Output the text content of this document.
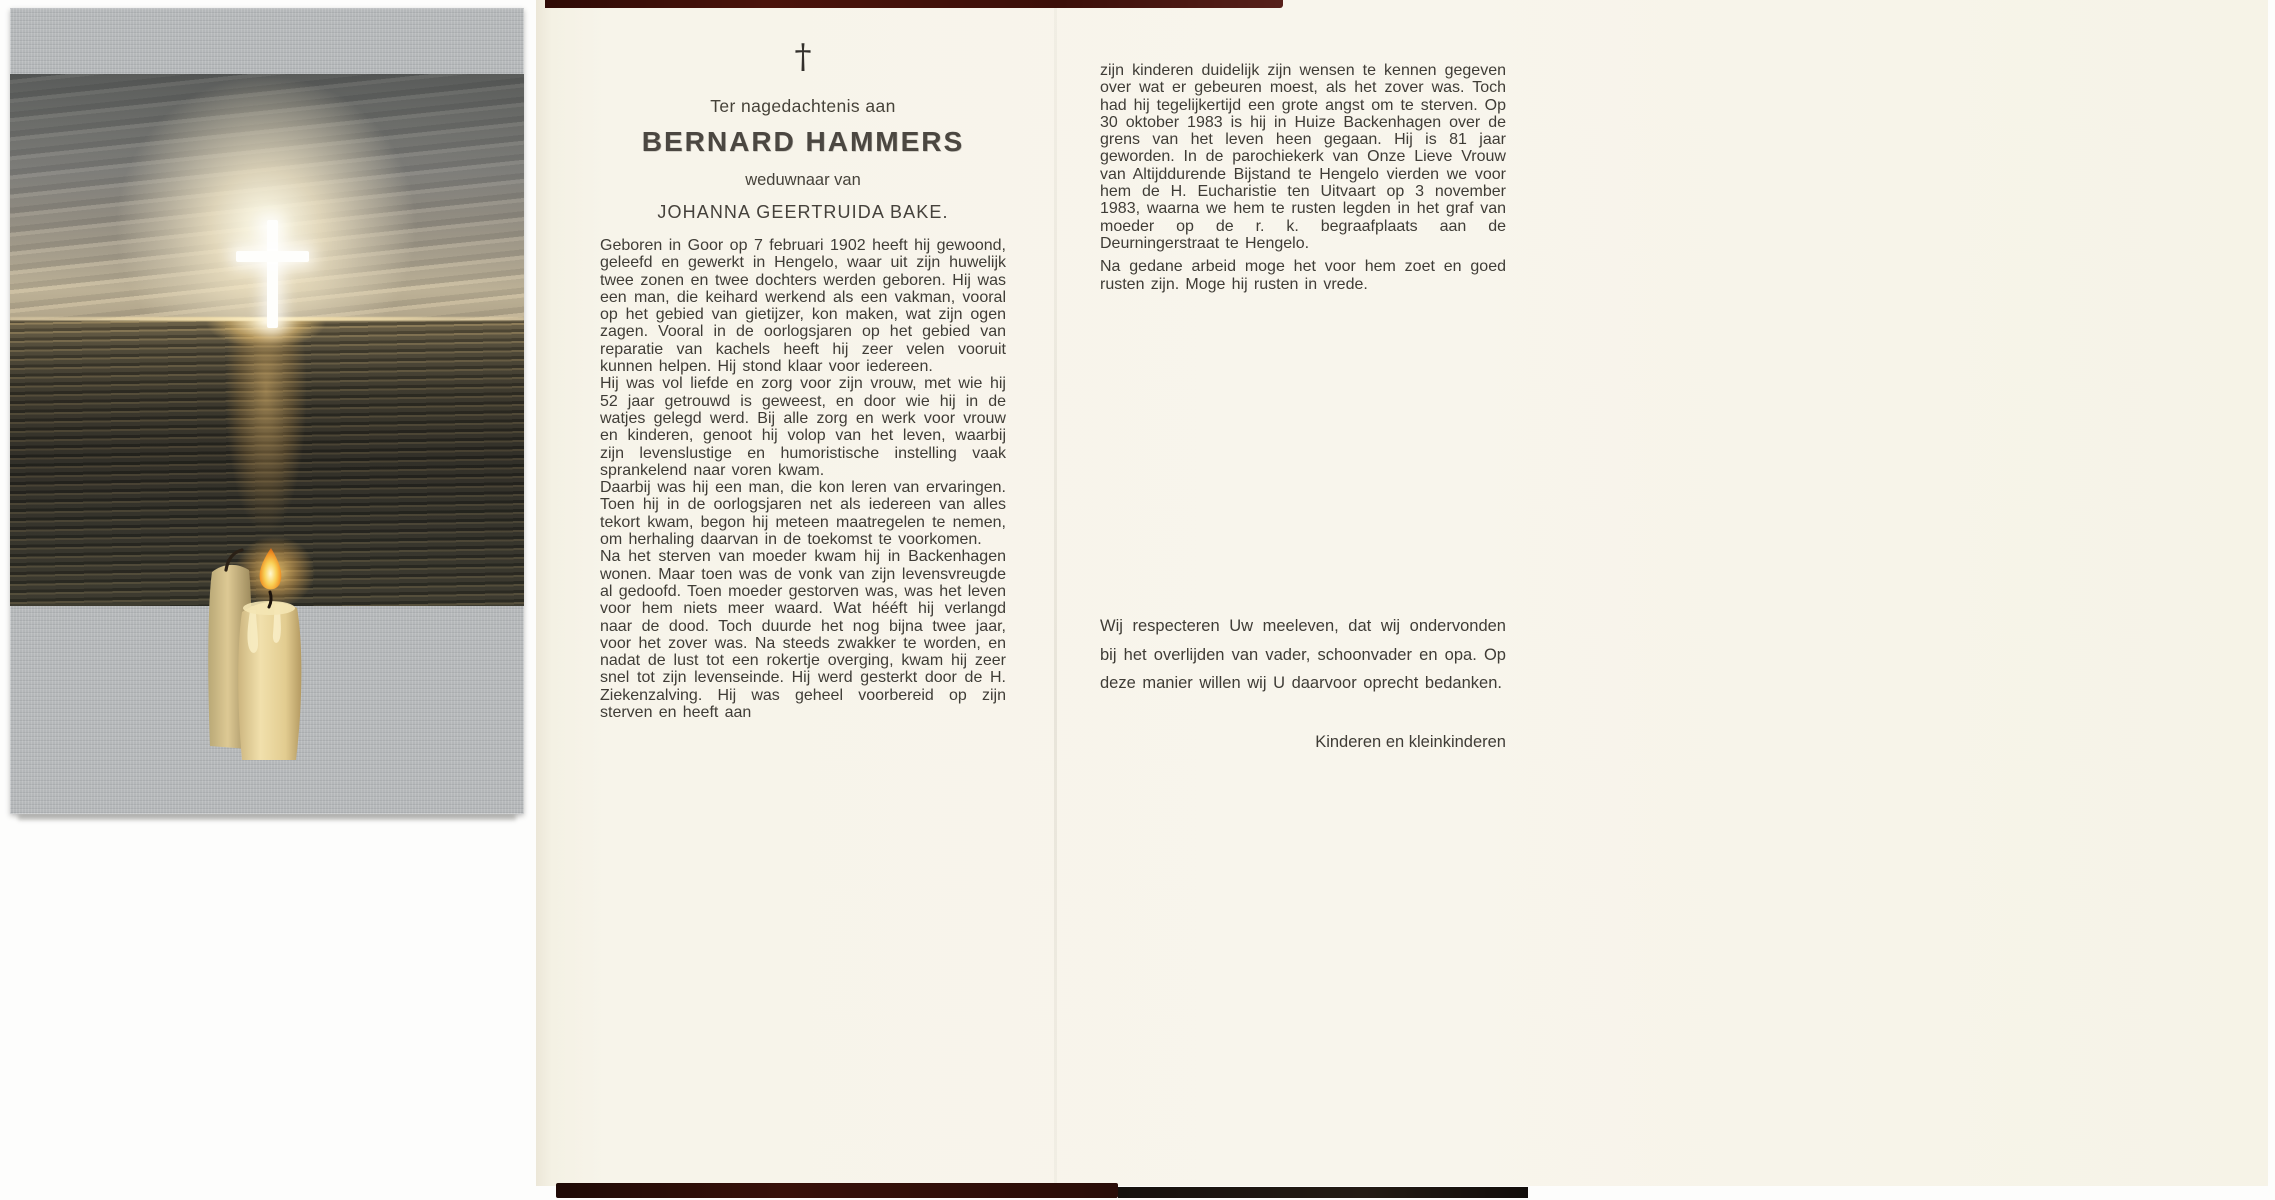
†
Ter nagedachtenis aan
BERNARD HAMMERS
weduwnaar van
JOHANNA GEERTRUIDA BAKE.

Geboren in Goor op 7 februari 1902 heeft hij gewoond, geleefd en gewerkt in Hengelo, waar uit zijn huwelijk twee zonen en twee dochters werden geboren. Hij was een man, die keihard werkend als een vakman, vooral op het gebied van gietijzer, kon maken, wat zijn ogen zagen. Vooral in de oorlogsjaren op het gebied van reparatie van kachels heeft hij zeer velen vooruit kunnen helpen. Hij stond klaar voor iedereen.

Hij was vol liefde en zorg voor zijn vrouw, met wie hij 52 jaar getrouwd is geweest, en door wie hij in de watjes gelegd werd. Bij alle zorg en werk voor vrouw en kinderen, genoot hij volop van het leven, waarbij zijn levenslustige en humoristische instelling vaak sprankelend naar voren kwam.

Daarbij was hij een man, die kon leren van ervaringen. Toen hij in de oorlogsjaren net als iedereen van alles tekort kwam, begon hij meteen maatregelen te nemen, om herhaling daarvan in de toekomst te voorkomen.

Na het sterven van moeder kwam hij in Backenhagen wonen. Maar toen was de vonk van zijn levensvreugde al gedoofd. Toen moeder gestorven was, was het leven voor hem niets meer waard. Wat hééft hij verlangd naar de dood. Toch duurde het nog bijna twee jaar, voor het zover was. Na steeds zwakker te worden, en nadat de lust tot een rokertje overging, kwam hij zeer snel tot zijn levenseinde. Hij werd gesterkt door de H. Ziekenzalving. Hij was geheel voorbereid op zijn sterven en heeft aan

zijn kinderen duidelijk zijn wensen te kennen gegeven over wat er gebeuren moest, als het zover was. Toch had hij tegelijkertijd een grote angst om te sterven. Op 30 oktober 1983 is hij in Huize Backenhagen over de grens van het leven heen gegaan. Hij is 81 jaar geworden. In de parochiekerk van Onze Lieve Vrouw van Altijddurende Bijstand te Hengelo vierden we voor hem de H. Eucharistie ten Uitvaart op 3 november 1983, waarna we hem te rusten legden in het graf van moeder op de r. k. begraafplaats aan de Deurningerstraat te Hengelo.

Na gedane arbeid moge het voor hem zoet en goed rusten zijn. Moge hij rusten in vrede.

Wij respecteren Uw meeleven, dat wij ondervonden bij het overlijden van vader, schoonvader en opa. Op deze manier willen wij U daarvoor oprecht bedanken.
Kinderen en kleinkinderen
